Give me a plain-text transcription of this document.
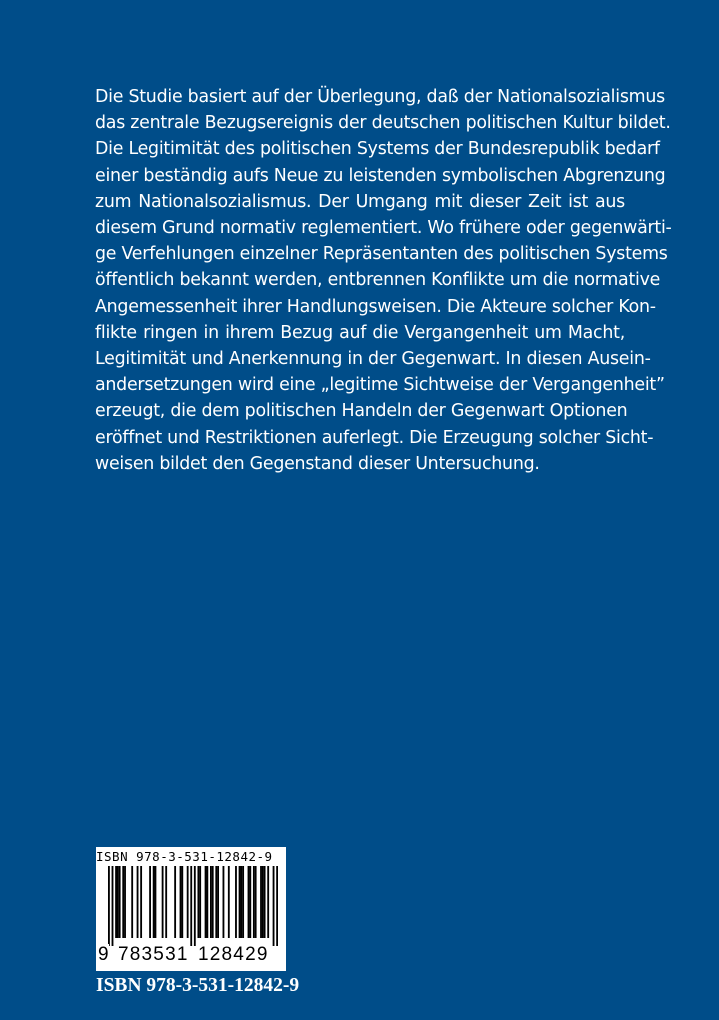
Die Studie basiert auf der Überlegung, daß der Nationalsozialismus
das zentrale Bezugsereignis der deutschen politischen Kultur bildet.
Die Legitimität des politischen Systems der Bundesrepublik bedarf
einer beständig aufs Neue zu leistenden symbolischen Abgrenzung
zum Nationalsozialismus. Der Umgang mit dieser Zeit ist aus
diesem Grund normativ reglementiert. Wo frühere oder gegenwärti-
ge Verfehlungen einzelner Repräsentanten des politischen Systems
öffentlich bekannt werden, entbrennen Konflikte um die normative
Angemessenheit ihrer Handlungsweisen. Die Akteure solcher Kon-
flikte ringen in ihrem Bezug auf die Vergangenheit um Macht,
Legitimität und Anerkennung in der Gegenwart. In diesen Ausein-
andersetzungen wird eine „legitime Sichtweise der Vergangenheit”
erzeugt, die dem politischen Handeln der Gegenwart Optionen
eröffnet und Restriktionen auferlegt. Die Erzeugung solcher Sicht-
weisen bildet den Gegenstand dieser Untersuchung.
ISBN 978-3-531-12842-9
9 783531 128429
ISBN 978-3-531-12842-9
